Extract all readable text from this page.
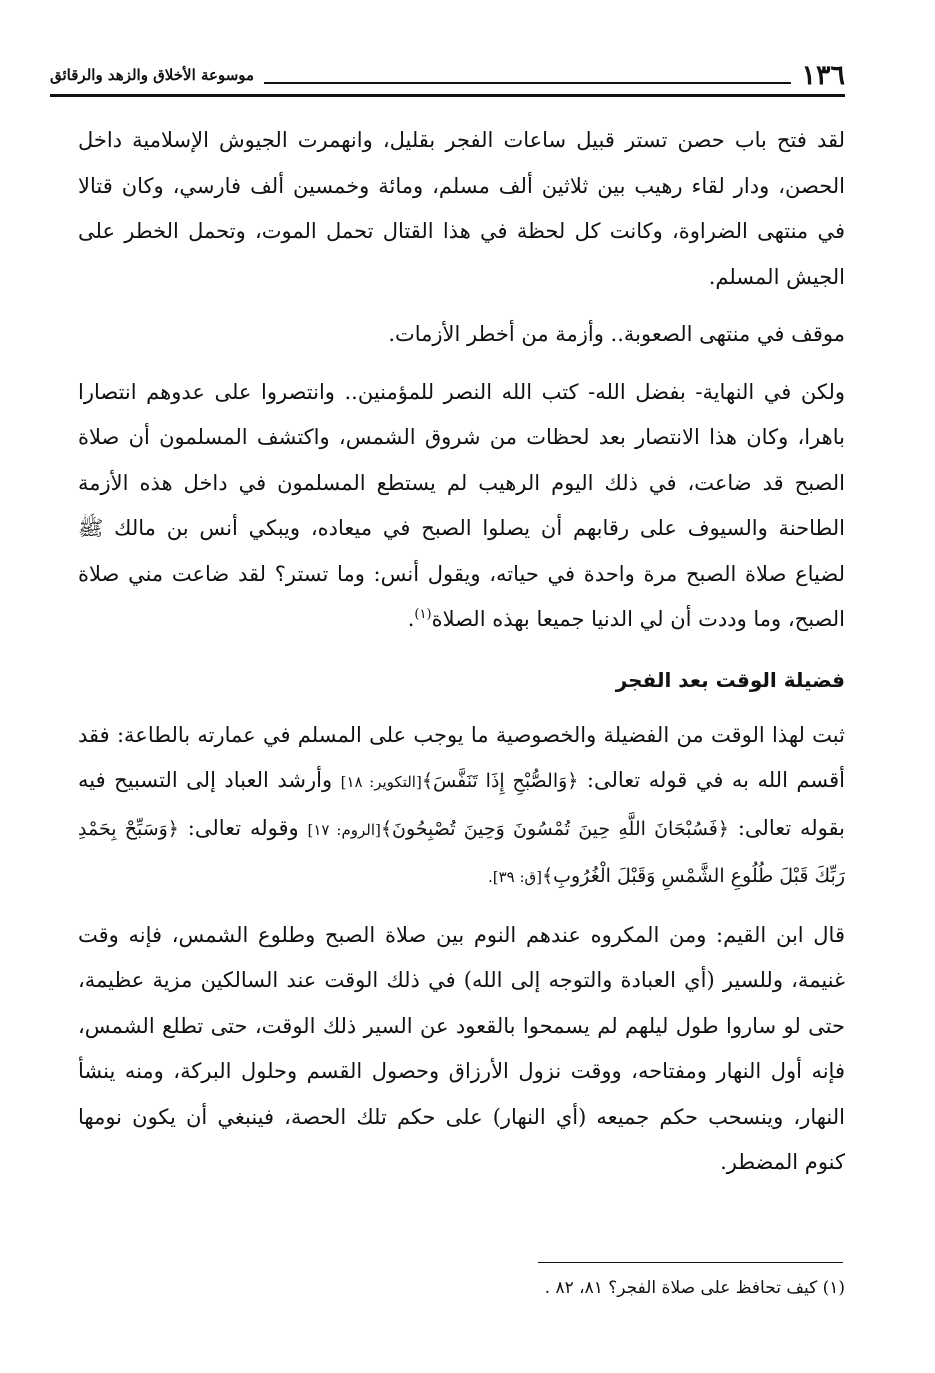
١٣٦
موسوعة الأخلاق والزهد والرقائق

لقد فتح باب حصن تستر قبيل ساعات الفجر بقليل، وانهمرت الجيوش الإسلامية داخل الحصن، ودار لقاء رهيب بين ثلاثين ألف مسلم، ومائة وخمسين ألف فارسي، وكان قتالا في منتهى الضراوة، وكانت كل لحظة في هذا القتال تحمل الموت، وتحمل الخطر على الجيش المسلم.

موقف في منتهى الصعوبة.. وأزمة من أخطر الأزمات.

ولكن في النهاية- بفضل الله- كتب الله النصر للمؤمنين.. وانتصروا على عدوهم انتصارا باهرا، وكان هذا الانتصار بعد لحظات من شروق الشمس، واكتشف المسلمون أن صلاة الصبح قد ضاعت، في ذلك اليوم الرهيب لم يستطع المسلمون في داخل هذه الأزمة الطاحنة والسيوف على رقابهم أن يصلوا الصبح في ميعاده، ويبكي أنس بن مالك ﷺ لضياع صلاة الصبح مرة واحدة في حياته، ويقول أنس: وما تستر؟ لقد ضاعت مني صلاة الصبح، وما وددت أن لي الدنيا جميعا بهذه الصلاة$^{(١)}$.

فضيلة الوقت بعد الفجر

ثبت لهذا الوقت من الفضيلة والخصوصية ما يوجب على المسلم في عمارته بالطاعة: فقد أقسم الله به في قوله تعالى: ﴿وَالصُّبْحِ إِذَا تَنَفَّسَ﴾[التكوير: ١٨] وأرشد العباد إلى التسبيح فيه بقوله تعالى: ﴿فَسُبْحَانَ اللَّهِ حِينَ تُمْسُونَ وَحِينَ تُصْبِحُونَ﴾[الروم: ١٧] وقوله تعالى: ﴿وَسَبِّحْ بِحَمْدِ رَبِّكَ قَبْلَ طُلُوعِ الشَّمْسِ وَقَبْلَ الْغُرُوبِ﴾[ق: ٣٩].

قال ابن القيم: ومن المكروه عندهم النوم بين صلاة الصبح وطلوع الشمس، فإنه وقت غنيمة، وللسير (أي العبادة والتوجه إلى الله) في ذلك الوقت عند السالكين مزية عظيمة، حتى لو ساروا طول ليلهم لم يسمحوا بالقعود عن السير ذلك الوقت، حتى تطلع الشمس، فإنه أول النهار ومفتاحه، ووقت نزول الأرزاق وحصول القسم وحلول البركة، ومنه ينشأ النهار، وينسحب حكم جميعه (أي النهار) على حكم تلك الحصة، فينبغي أن يكون نومها كنوم المضطر.

(١) كيف تحافظ على صلاة الفجر؟ ٨١، ٨٢ .
